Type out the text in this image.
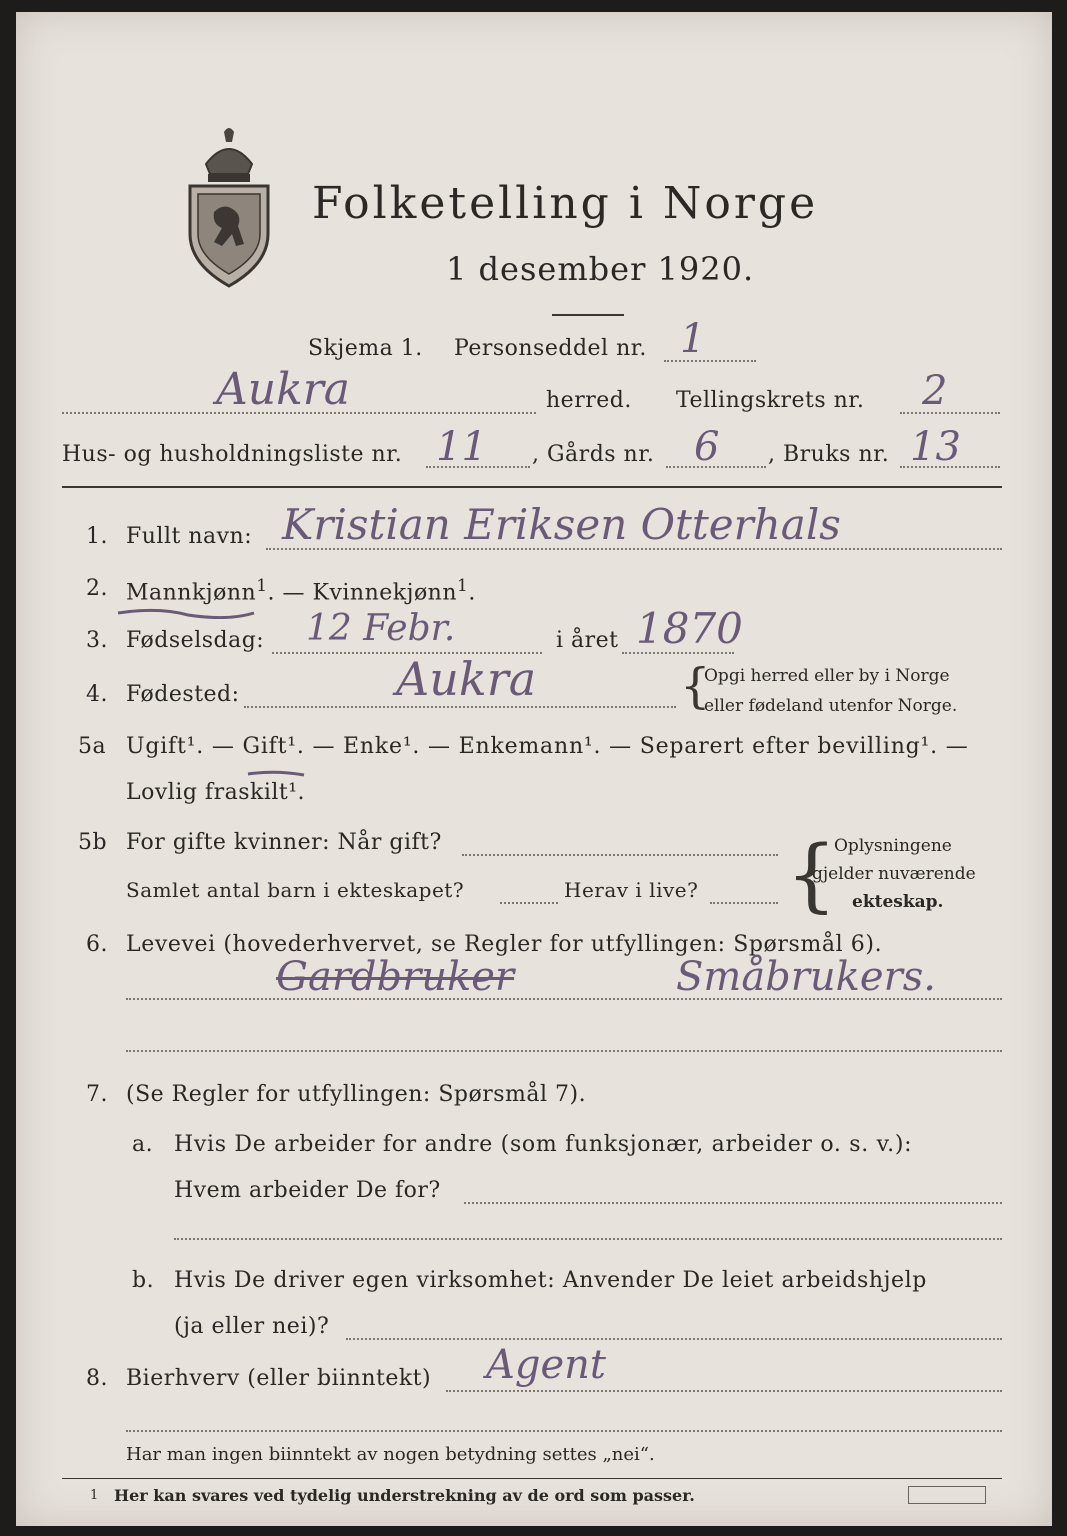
Folketelling i Norge
1 desember 1920.
Skjema 1. Personseddel nr. 1
Aukra	herred. Tellingskrets nr. 2
Hus- og husholdningsliste nr. 11 , Gårds nr. 6 , Bruks nr. 13
1. Fullt navn: Kristian Eriksen Otterhals
2. Mannkjønn$^1$. — Kvinnekjønn$^1$.
3. Fødselsdag: 12 Febr.	i året 1870
4. Fødested:	Aukra	{
Opgi herred eller by i Norge
eller fødeland utenfor Norge.
5a Ugift¹. — Gift¹. — Enke¹. — Enkemann¹. — Separert efter bevilling¹. —
Lovlig fraskilt¹.
5b For gifte kvinner: Når gift?
Samlet antal barn i ekteskapet?	Herav i live? {
Oplysningene
gjelder nuværende
ekteskap.
6. Levevei (hovederhvervet, se Regler for utfyllingen: Spørsmål 6).
Gardbruker	Småbrukers.
7. (Se Regler for utfyllingen: Spørsmål 7).
a. Hvis De arbeider for andre (som funksjonær, arbeider o. s. v.):
Hvem arbeider De for?
b. Hvis De driver egen virksomhet: Anvender De leiet arbeidshjelp
(ja eller nei)?
8. Bierhverv (eller biinntekt) Agent
Har man ingen biinntekt av nogen betydning settes „nei“.
1 Her kan svares ved tydelig understrekning av de ord som passer.
